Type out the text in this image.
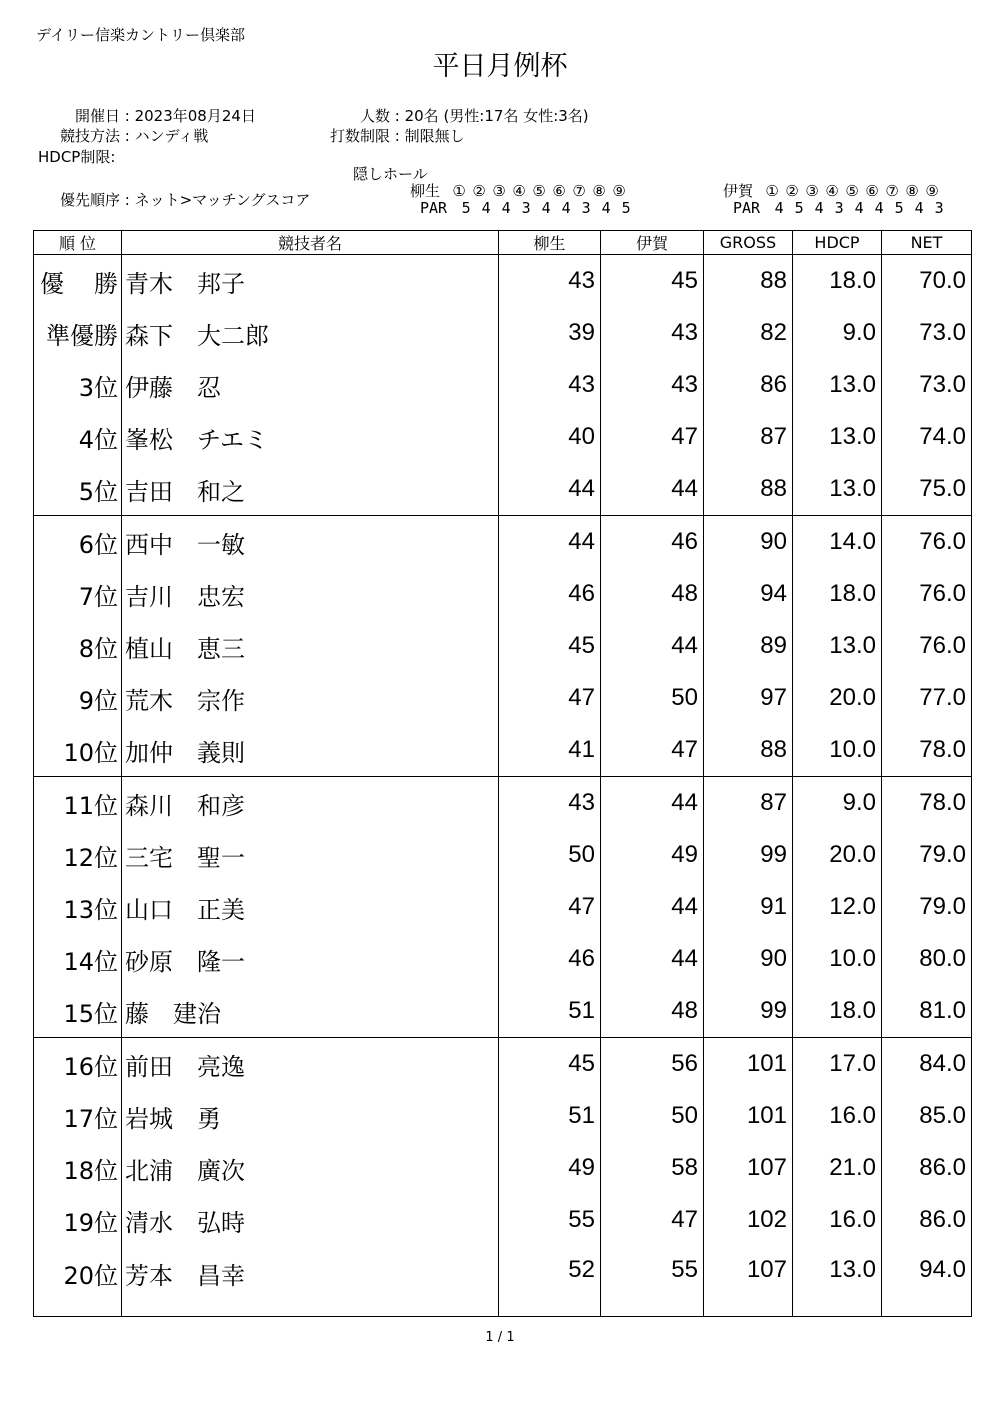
デイリー信楽カントリー倶楽部
平日月例杯
開催日 : 2023年08月24日
競技方法 : ハンディ戦
HDCP制限:
優先順序 : ネット>マッチングスコア
人数 : 20名 (男性:17名 女性:3名)
打数制限 : 制限無し
隠しホール
柳生 ① ② ③ ④ ⑤ ⑥ ⑦ ⑧ ⑨
PAR 5 4 4 3 4 4 3 4 5
伊賀 ① ② ③ ④ ⑤ ⑥ ⑦ ⑧ ⑨
PAR 4 5 4 3 4 4 5 4 3
順 位	競技者名	柳生	伊賀	GROSS	HDCP	NET
優勝	青木　邦子	43	45	88	18.0	70.0
準優勝	森下　大二郎	39	43	82	9.0	73.0
3位	伊藤　忍	43	43	86	13.0	73.0
4位	峯松　チエミ	40	47	87	13.0	74.0
5位	吉田　和之	44	44	88	13.0	75.0
6位	西中　一敏	44	46	90	14.0	76.0
7位	吉川　忠宏	46	48	94	18.0	76.0
8位	植山　恵三	45	44	89	13.0	76.0
9位	荒木　宗作	47	50	97	20.0	77.0
10位	加仲　義則	41	47	88	10.0	78.0
11位	森川　和彦	43	44	87	9.0	78.0
12位	三宅　聖一	50	49	99	20.0	79.0
13位	山口　正美	47	44	91	12.0	79.0
14位	砂原　隆一	46	44	90	10.0	80.0
15位	藤　建治	51	48	99	18.0	81.0
16位	前田　亮逸	45	56	101	17.0	84.0
17位	岩城　勇	51	50	101	16.0	85.0
18位	北浦　廣次	49	58	107	21.0	86.0
19位	清水　弘時	55	47	102	16.0	86.0
20位	芳本　昌幸	52	55	107	13.0	94.0
1 / 1
